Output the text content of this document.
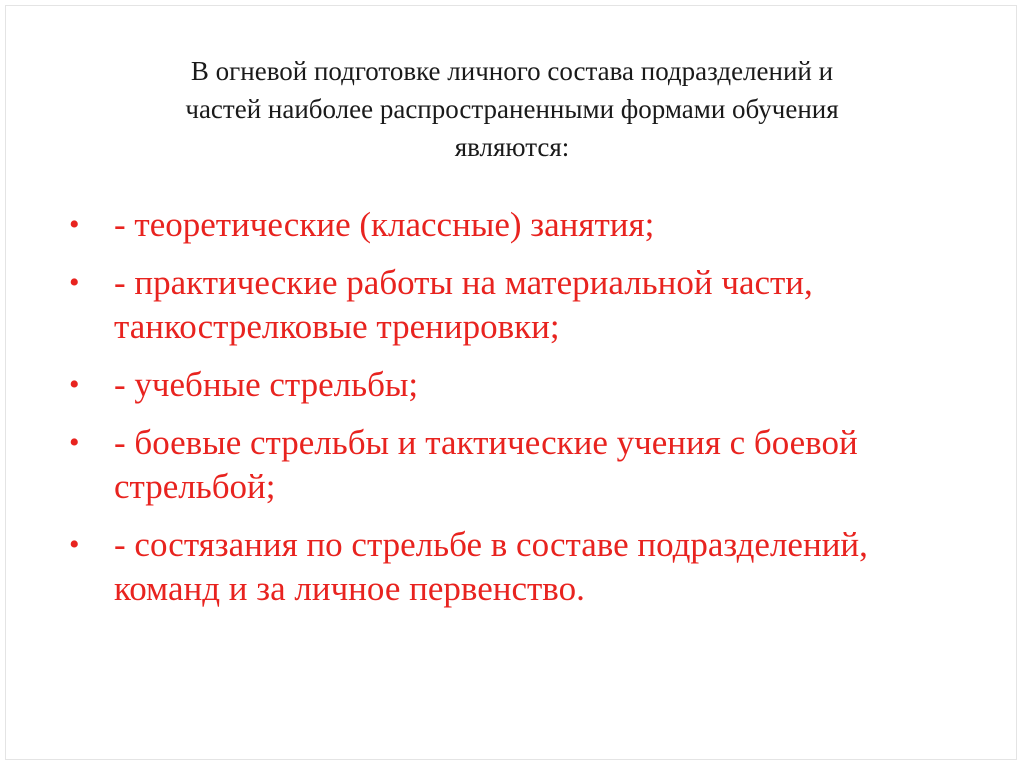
В огневой подготовке личного состава подразделений и
частей наиболее распространенными формами обучения
являются:
• - теоретические (классные) занятия;
• - практические работы на материальной части,
танкострелковые тренировки;
• - учебные стрельбы;
• - боевые стрельбы и тактические учения с боевой
стрельбой;
• - состязания по стрельбе в составе подразделений,
команд и за личное первенство.
